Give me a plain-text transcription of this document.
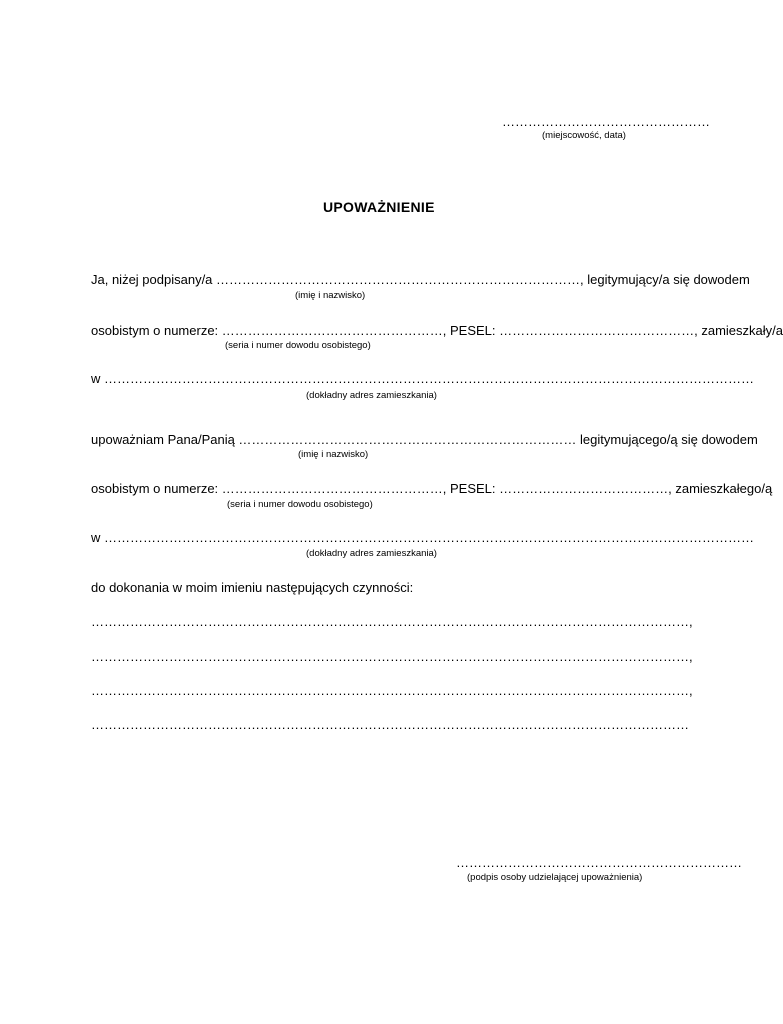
…………………………………………
(miejscowość, data)
UPOWAŻNIENIE
Ja, niżej podpisany/a …………………………………………………………………………, legitymujący/a się dowodem
(imię i nazwisko)
osobistym o numerze: ……………………………………………, PESEL: ………………………………………, zamieszkały/a
(seria i numer dowodu osobistego)
w ……………………………………………………………………………………………………………………………………
(dokładny adres zamieszkania)
upoważniam Pana/Panią …………………………………………………………………… legitymującego/ą się dowodem
(imię i nazwisko)
osobistym o numerze: ……………………………………………, PESEL: …………………………………, zamieszkałego/ą
(seria i numer dowodu osobistego)
w ……………………………………………………………………………………………………………………………………
(dokładny adres zamieszkania)
do dokonania w moim imieniu następujących czynności:
…………………………………………………………………………………………………………………………,
…………………………………………………………………………………………………………………………,
…………………………………………………………………………………………………………………………,
…………………………………………………………………………………………………………………………
…………………………………………………………
(podpis osoby udzielającej upoważnienia)
